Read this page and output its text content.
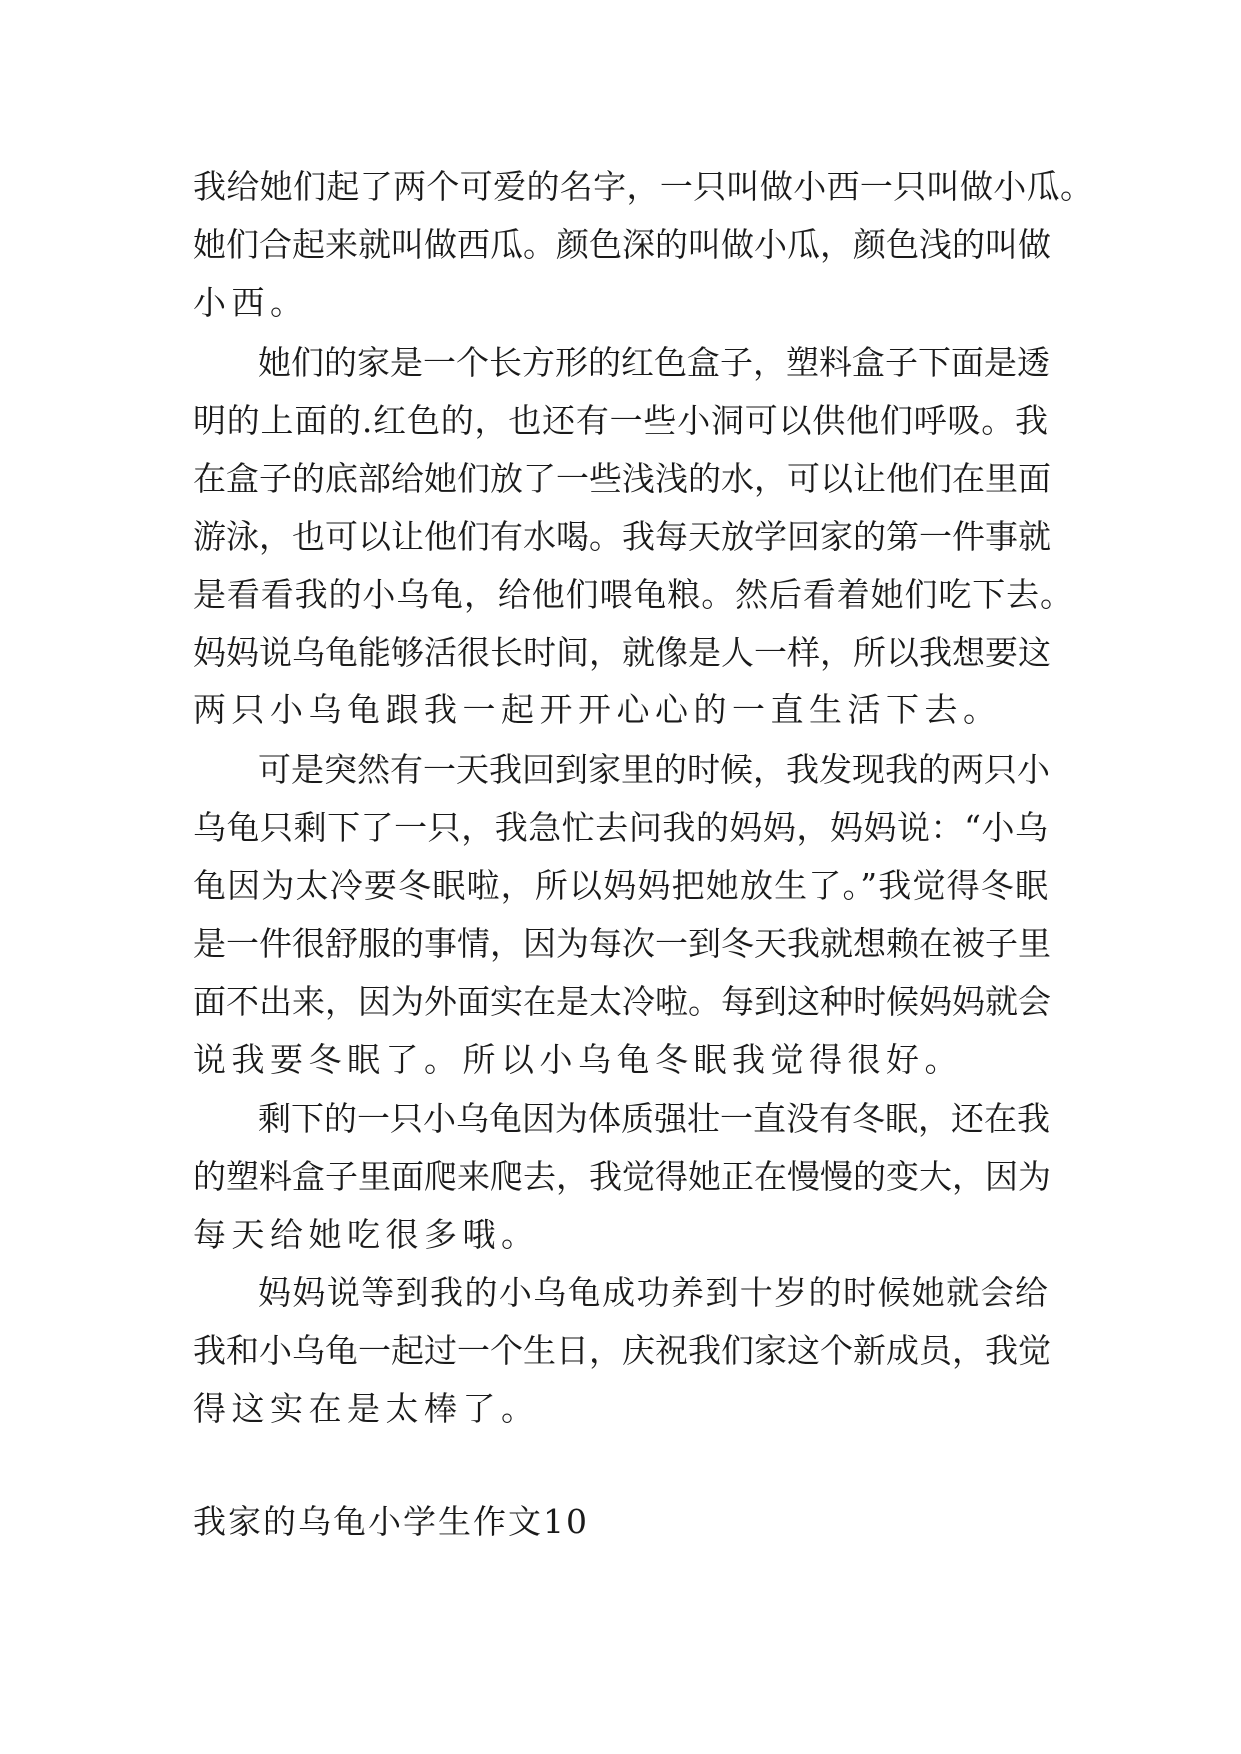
我给她们起了两个可爱的名字，一只叫做小西一只叫做小瓜。
她们合起来就叫做西瓜。颜色深的叫做小瓜，颜色浅的叫做
小西。
她们的家是一个长方形的红色盒子，塑料盒子下面是透
明的上面的.红色的，也还有一些小洞可以供他们呼吸。我
在盒子的底部给她们放了一些浅浅的水，可以让他们在里面
游泳，也可以让他们有水喝。我每天放学回家的第一件事就
是看看我的小乌龟，给他们喂龟粮。然后看着她们吃下去。
妈妈说乌龟能够活很长时间，就像是人一样，所以我想要这
两只小乌龟跟我一起开开心心的一直生活下去。
可是突然有一天我回到家里的时候，我发现我的两只小
乌龟只剩下了一只，我急忙去问我的妈妈，妈妈说：“小乌
龟因为太冷要冬眠啦，所以妈妈把她放生了。”我觉得冬眠
是一件很舒服的事情，因为每次一到冬天我就想赖在被子里
面不出来，因为外面实在是太冷啦。每到这种时候妈妈就会
说我要冬眠了。所以小乌龟冬眠我觉得很好。
剩下的一只小乌龟因为体质强壮一直没有冬眠，还在我
的塑料盒子里面爬来爬去，我觉得她正在慢慢的变大，因为
每天给她吃很多哦。
妈妈说等到我的小乌龟成功养到十岁的时候她就会给
我和小乌龟一起过一个生日，庆祝我们家这个新成员，我觉
得这实在是太棒了。
我家的乌龟小学生作文10
